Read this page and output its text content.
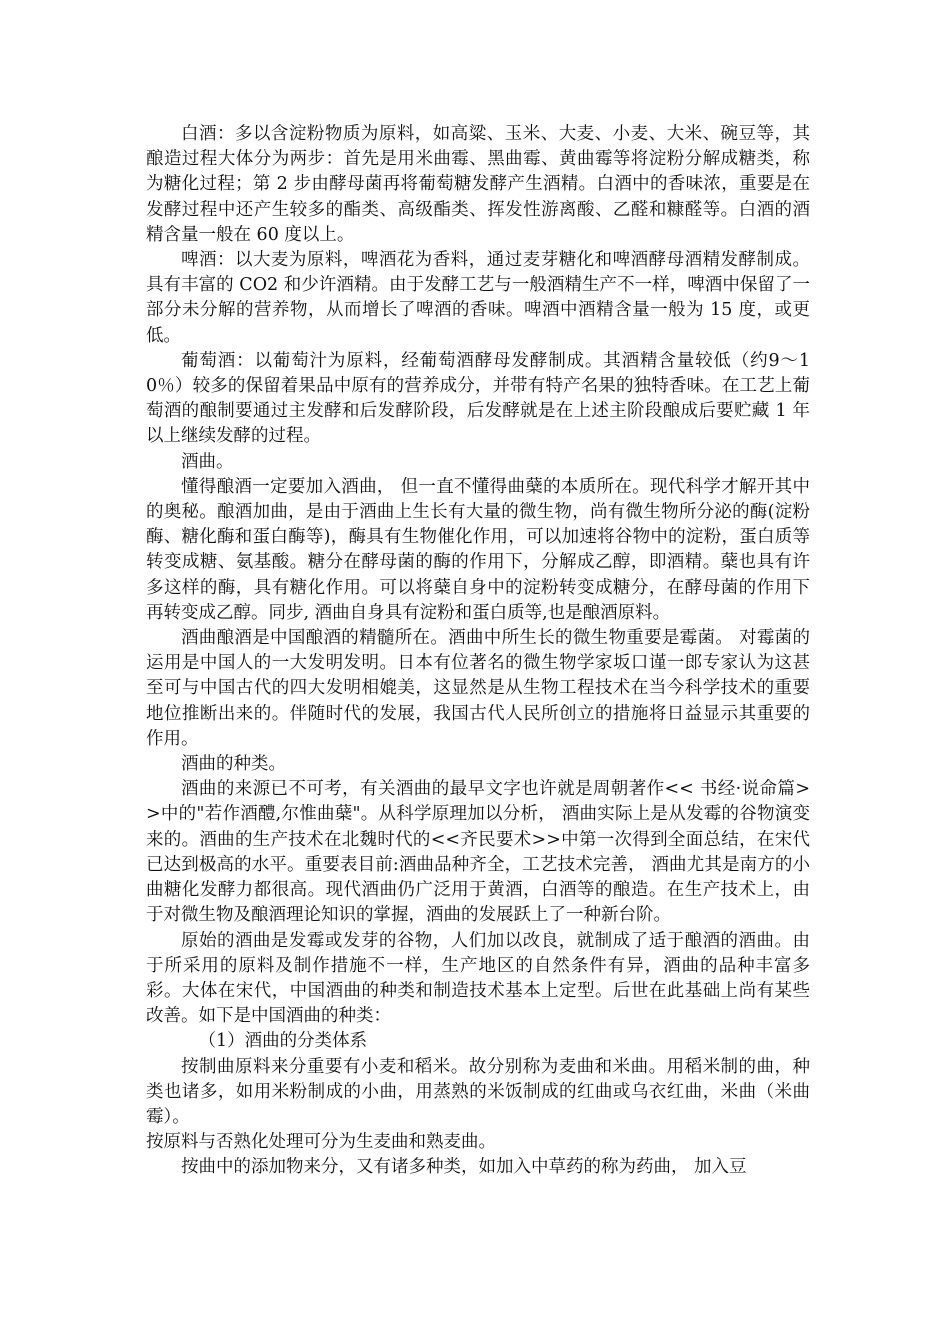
白酒：多以含淀粉物质为原料，如高粱、玉米、大麦、小麦、大米、碗豆等，其酿造过程大体分为两步：首先是用米曲霉、黑曲霉、黄曲霉等将淀粉分解成糖类，称为糖化过程；第 2 步由酵母菌再将葡萄糖发酵产生酒精。白酒中的香味浓，重要是在发酵过程中还产生较多的酯类、高级酯类、挥发性游离酸、乙醛和糠醛等。白酒的酒精含量一般在 60 度以上。

啤酒：以大麦为原料，啤酒花为香料，通过麦芽糖化和啤酒酵母酒精发酵制成。具有丰富的 CO2 和少许酒精。由于发酵工艺与一般酒精生产不一样，啤酒中保留了一部分未分解的营养物，从而增长了啤酒的香味。啤酒中酒精含量一般为 15 度，或更低。

葡萄酒：以葡萄汁为原料，经葡萄酒酵母发酵制成。其酒精含量较低（约9～10％）较多的保留着果品中原有的营养成分，并带有特产名果的独特香味。在工艺上葡萄酒的酿制要通过主发酵和后发酵阶段，后发酵就是在上述主阶段酿成后要贮藏 1 年以上继续发酵的过程。

酒曲。

懂得酿酒一定要加入酒曲， 但一直不懂得曲蘖的本质所在。现代科学才解开其中的奥秘。酿酒加曲，是由于酒曲上生长有大量的微生物，尚有微生物所分泌的酶(淀粉酶、糖化酶和蛋白酶等)，酶具有生物催化作用，可以加速将谷物中的淀粉，蛋白质等转变成糖、氨基酸。糖分在酵母菌的酶的作用下，分解成乙醇，即酒精。蘖也具有许多这样的酶，具有糖化作用。可以将蘖自身中的淀粉转变成糖分，在酵母菌的作用下再转变成乙醇。同步, 酒曲自身具有淀粉和蛋白质等,也是酿酒原料。

酒曲酿酒是中国酿酒的精髓所在。酒曲中所生长的微生物重要是霉菌。 对霉菌的运用是中国人的一大发明发明。日本有位著名的微生物学家坂口谨一郎专家认为这甚至可与中国古代的四大发明相媲美，这显然是从生物工程技术在当今科学技术的重要地位推断出来的。伴随时代的发展，我国古代人民所创立的措施将日益显示其重要的作用。

酒曲的种类。

酒曲的来源已不可考，有关酒曲的最早文字也许就是周朝著作<< 书经·说命篇>>中的"若作酒醴,尔惟曲蘖"。从科学原理加以分析， 酒曲实际上是从发霉的谷物演变来的。酒曲的生产技术在北魏时代的<<齐民要术>>中第一次得到全面总结，在宋代已达到极高的水平。重要表目前:酒曲品种齐全，工艺技术完善， 酒曲尤其是南方的小曲糖化发酵力都很高。现代酒曲仍广泛用于黄酒，白酒等的酿造。在生产技术上，由于对微生物及酿酒理论知识的掌握，酒曲的发展跃上了一种新台阶。

原始的酒曲是发霉或发芽的谷物，人们加以改良，就制成了适于酿酒的酒曲。由于所采用的原料及制作措施不一样，生产地区的自然条件有异，酒曲的品种丰富多彩。大体在宋代，中国酒曲的种类和制造技术基本上定型。后世在此基础上尚有某些改善。如下是中国酒曲的种类：

（1）酒曲的分类体系

按制曲原料来分重要有小麦和稻米。故分别称为麦曲和米曲。用稻米制的曲，种类也诸多，如用米粉制成的小曲，用蒸熟的米饭制成的红曲或乌衣红曲，米曲（米曲霉）。

按原料与否熟化处理可分为生麦曲和熟麦曲。

按曲中的添加物来分，又有诸多种类，如加入中草药的称为药曲， 加入豆
